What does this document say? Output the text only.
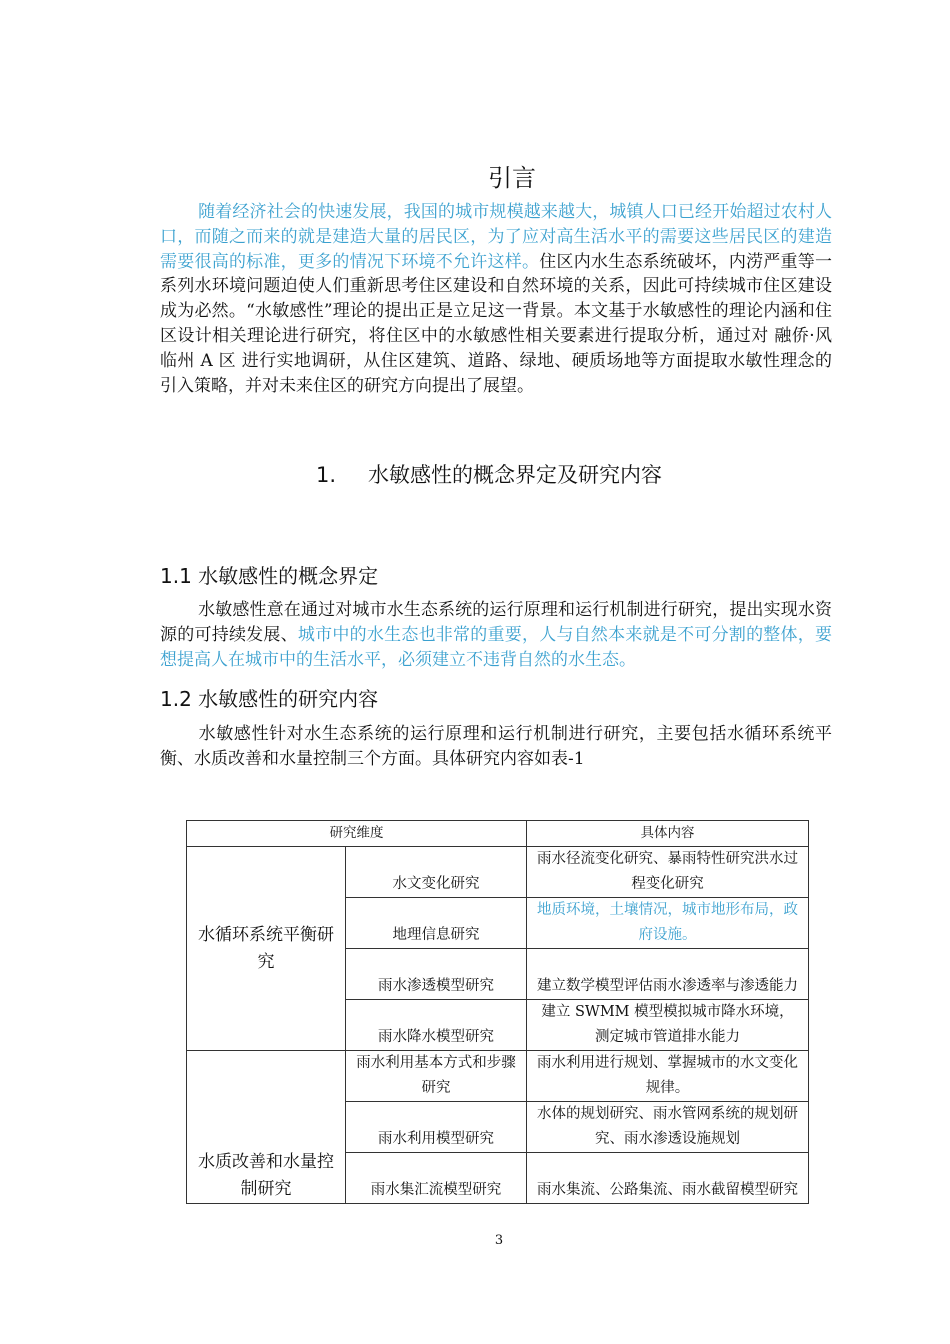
引言

随着经济社会的快速发展，我国的城市规模越来越大，城镇人口已经开始超过农村人口，而随之而来的就是建造大量的居民区，为了应对高生活水平的需要这些居民区的建造需要很高的标准，更多的情况下环境不允许这样。住区内水生态系统破坏，内涝严重等一系列水环境问题迫使人们重新思考住区建设和自然环境的关系，因此可持续城市住区建设成为必然。“水敏感性”理论的提出正是立足这一背景。本文基于水敏感性的理论内涵和住区设计相关理论进行研究，将住区中的水敏感性相关要素进行提取分析，通过对 融侨·风临州 A 区 进行实地调研，从住区建筑、道路、绿地、硬质场地等方面提取水敏性理念的引入策略，并对未来住区的研究方向提出了展望。

1. 水敏感性的概念界定及研究内容
1.1 水敏感性的概念界定

水敏感性意在通过对城市水生态系统的运行原理和运行机制进行研究，提出实现水资源的可持续发展、城市中的水生态也非常的重要，人与自然本来就是不可分割的整体，要想提高人在城市中的生活水平，必须建立不违背自然的水生态。

1.2 水敏感性的研究内容

水敏感性针对水生态系统的运行原理和运行机制进行研究，主要包括水循环系统平衡、水质改善和水量控制三个方面。具体研究内容如表-1

研究维度		具体内容
水循环系统平衡研究	水文变化研究	雨水径流变化研究、暴雨特性研究洪水过程变化研究
	地理信息研究	地质环境，土壤情况，城市地形布局，政府设施。
	雨水渗透模型研究	建立数学模型评估雨水渗透率与渗透能力
	雨水降水模型研究	建立 SWMM 模型模拟城市降水环境，测定城市管道排水能力
水质改善和水量控制研究	雨水利用基本方式和步骤研究	雨水利用进行规划、掌握城市的水文变化规律。
	雨水利用模型研究	水体的规划研究、雨水管网系统的规划研究、雨水渗透设施规划
	雨水集汇流模型研究	雨水集流、公路集流、雨水截留模型研究
3
